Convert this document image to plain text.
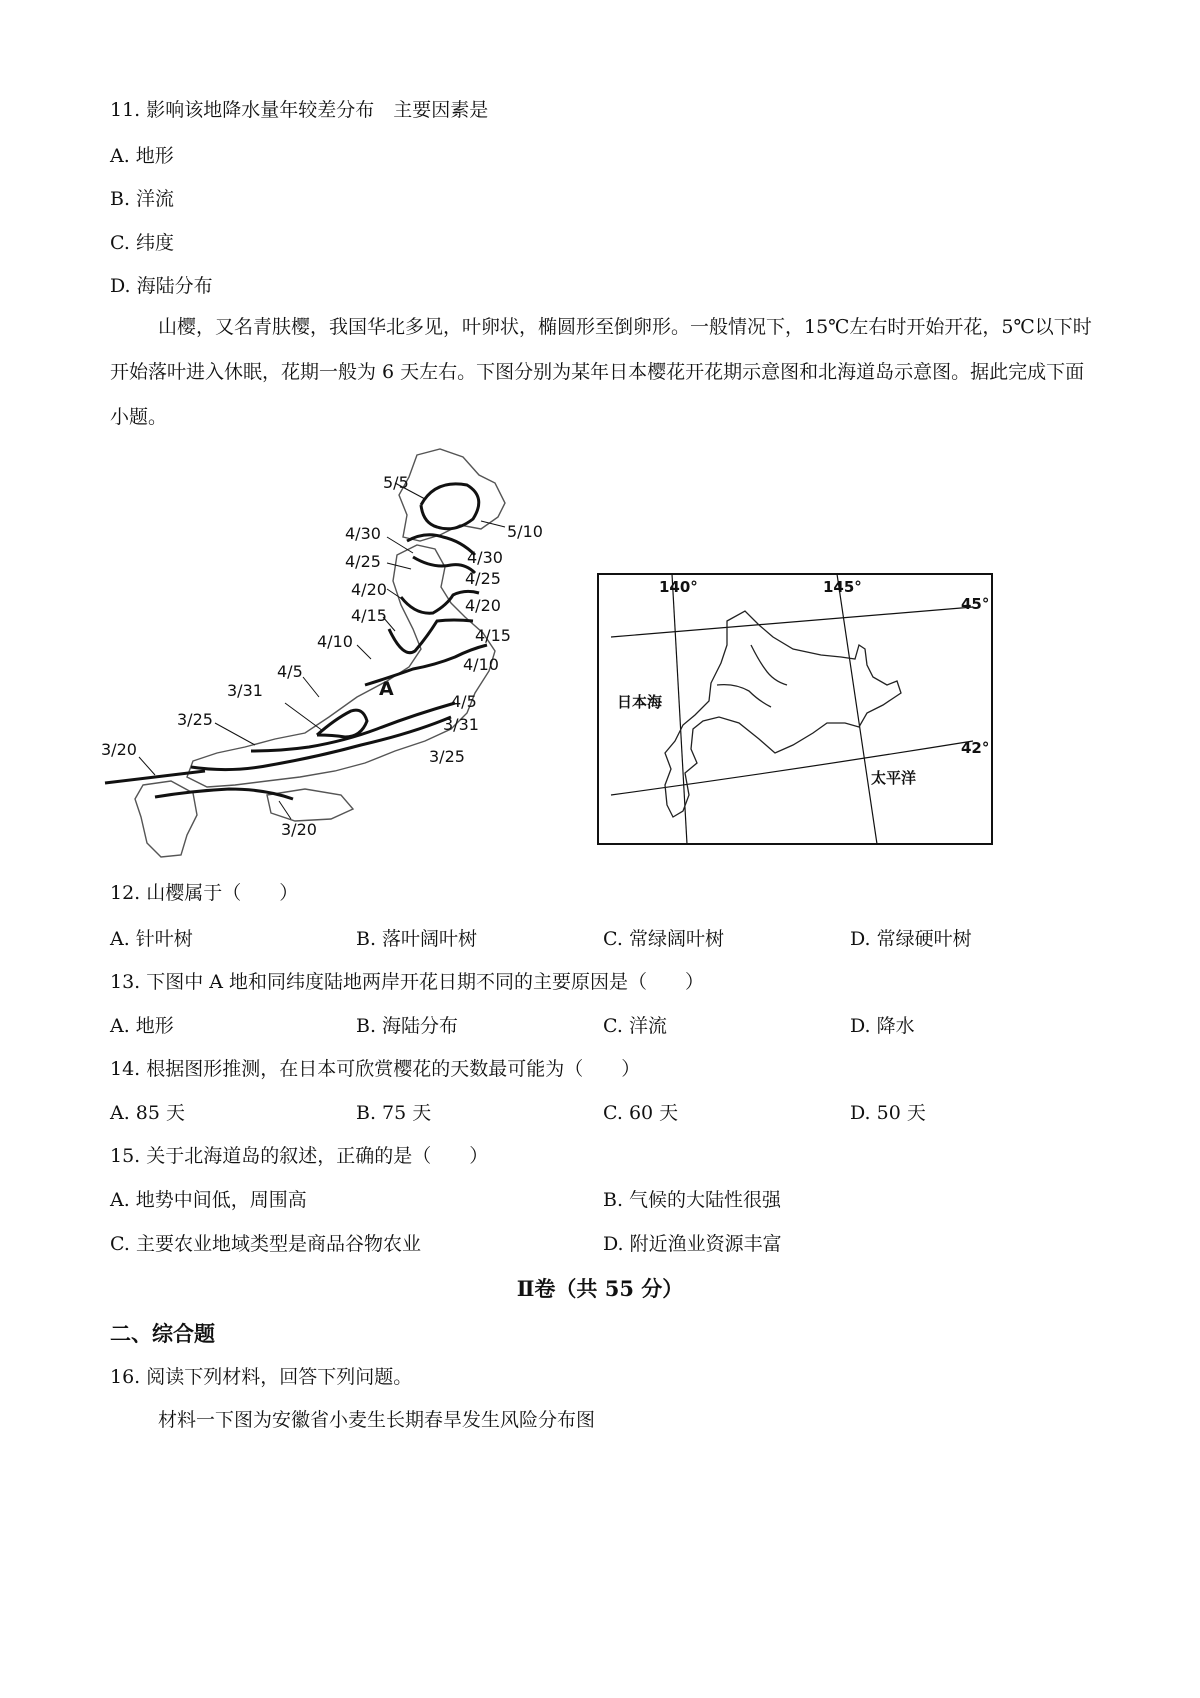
11. 影响该地降水量年较差分布　主要因素是
A. 地形
B. 洋流
C. 纬度
D. 海陆分布
山樱，又名青肤樱，我国华北多见，叶卵状，椭圆形至倒卵形。一般情况下，15℃左右时开始开花，5℃以下时开始落叶进入休眠，花期一般为 6 天左右。下图分别为某年日本樱花开花期示意图和北海道岛示意图。据此完成下面小题。
5/5
5/10
4/30
4/30
4/25
4/25
4/20
4/20
4/15
4/15
4/10
4/10
4/5
4/5
3/31
3/31
3/25
3/25
3/20
3/20
A
140°	145°
45°
42°
日本海
太平洋
12. 山樱属于（　　）
A. 针叶树	B. 落叶阔叶树	C. 常绿阔叶树	D. 常绿硬叶树
13. 下图中 A 地和同纬度陆地两岸开花日期不同的主要原因是（　　）
A. 地形	B. 海陆分布	C. 洋流	D. 降水
14. 根据图形推测，在日本可欣赏樱花的天数最可能为（　　）
A. 85 天	B. 75 天	C. 60 天	D. 50 天
15. 关于北海道岛的叙述，正确的是（　　）
A. 地势中间低，周围高	B. 气候的大陆性很强
C. 主要农业地域类型是商品谷物农业	D. 附近渔业资源丰富
Ⅱ卷（共 55 分）
二、综合题
16. 阅读下列材料，回答下列问题。
材料一下图为安徽省小麦生长期春旱发生风险分布图
